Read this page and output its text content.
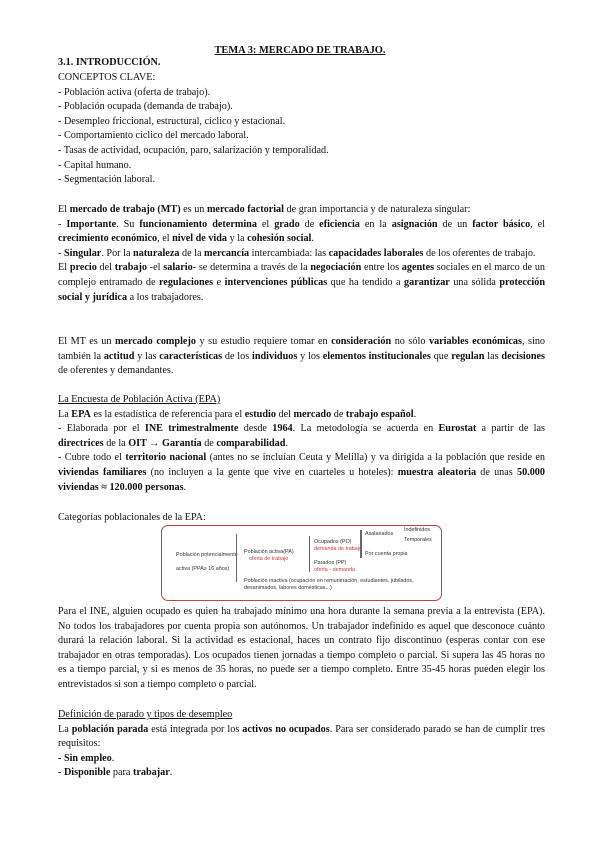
TEMA 3: MERCADO DE TRABAJO.
3.1. INTRODUCCIÓN.
CONCEPTOS CLAVE:
- Población activa (oferta de trabajo).
- Población ocupada (demanda de trabajo).
- Desempleo friccional, estructural, cíclico y estacional.
- Comportamiento cíclico del mercado laboral.
- Tasas de actividad, ocupación, paro, salarización y temporalidad.
- Capital humano.
- Segmentación laboral.
El mercado de trabajo (MT) es un mercado factorial de gran importancia y de naturaleza singular:
- Importante. Su funcionamiento determina el grado de eficiencia en la asignación de un factor básico, el crecimiento económico, el nivel de vida y la cohesión social.
- Singular. Por la naturaleza de la mercancía intercambiada: las capacidades laborales de los oferentes de trabajo.
El precio del trabajo -el salario- se determina a través de la negociación entre los agentes sociales en el marco de un complejo entramado de regulaciones e intervenciones públicas que ha tendido a garantizar una sólida protección social y jurídica a los trabajadores.
El MT es un mercado complejo y su estudio requiere tomar en consideración no sólo variables económicas, sino también la actitud y las características de los individuos y los elementos institucionales que regulan las decisiones de oferentes y demandantes.
La Encuesta de Población Activa (EPA)
La EPA es la estadística de referencia para el estudio del mercado de trabajo español.
- Elaborada por el INE trimestralmente desde 1964. La metodología se acuerda en Eurostat a partir de las directrices de la OIT → Garantía de comparabilidad.
- Cubre todo el territorio nacional (antes no se incluían Ceuta y Melilla) y va dirigida a la población que reside en viviendas familiares (no incluyen a la gente que vive en cuarteles u hoteles): muestra aleatoria de unas 50.000 viviendas ≈ 120.000 personas.
Categorías poblacionales de la EPA:
Población potencialmente
activa (PPA≥ 16 años)
Población activa(PA)
oferta de trabajo
Ocupados (PO)
demanda de trabajo
Asalariados
Indefinidos
Temporales
Por cuenta propia
Parados (PP)
oferta - demanda
Población inactiva (ocupación en remuneración, estudiantes, jubilados,
desanimados, labores domésticas...)
Para el INE, alguien ocupado es quien ha trabajado mínimo una hora durante la semana previa a la entrevista (EPA). No todos los trabajadores por cuenta propia son autónomos. Un trabajador indefinido es aquel que desconoce cuánto durará la relación laboral. Si la actividad es estacional, haces un contrato fijo discontinuo (esperas contar con ese trabajador en otras temporadas). Los ocupados tienen jornadas a tiempo completo o parcial. Si supera las 45 horas no es a tiempo parcial, y si es menos de 35 horas, no puede ser a tiempo completo. Entre 35-45 horas pueden elegir los entrevistados si son a tiempo completo o parcial.
Definición de parado y tipos de desempleo
La población parada está integrada por los activos no ocupados. Para ser considerado parado se han de cumplir tres requisitos:
- Sin empleo.
- Disponible para trabajar.
